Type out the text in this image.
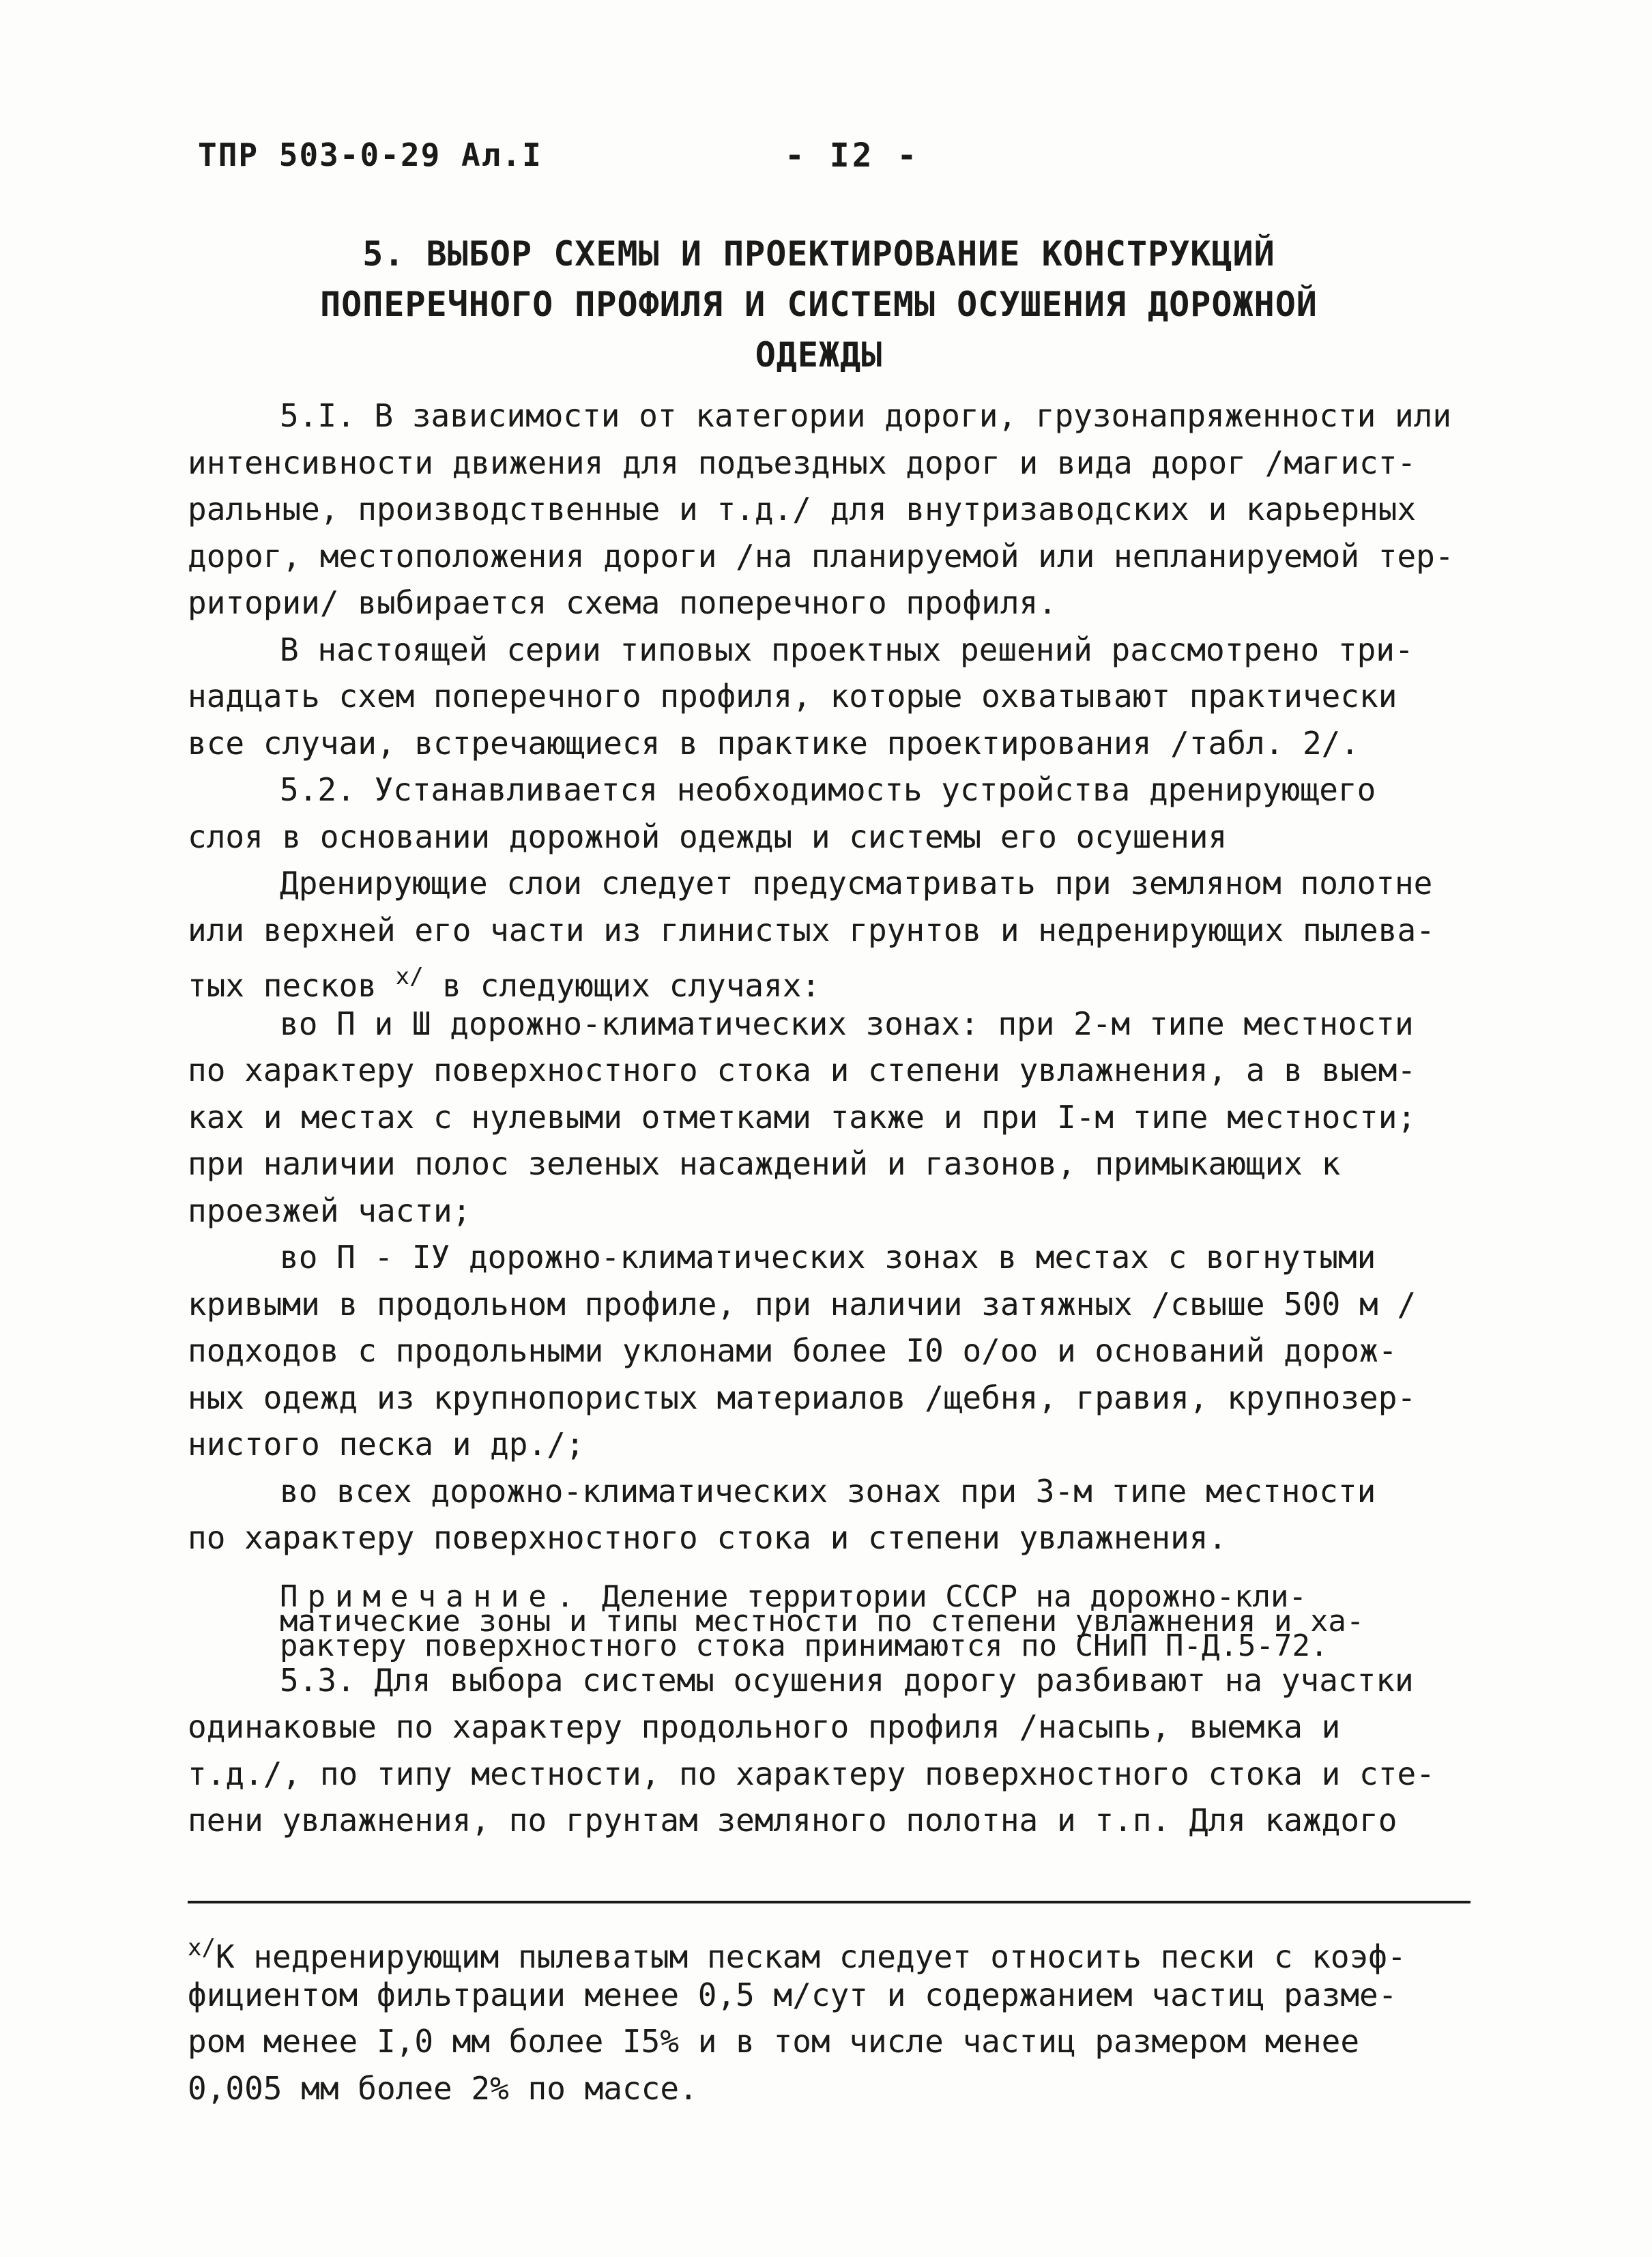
ТПР 503-0-29 Ал.I	- I2 -
5. ВЫБОР СХЕМЫ И ПРОЕКТИРОВАНИЕ КОНСТРУКЦИЙ
ПОПЕРЕЧНОГО ПРОФИЛЯ И СИСТЕМЫ ОСУШЕНИЯ ДОРОЖНОЙ
ОДЕЖДЫ
5.I. В зависимости от категории дороги, грузонапряженности или
интенсивности движения для подъездных дорог и вида дорог /магист-
ральные, производственные и т.д./ для внутризаводских и карьерных
дорог, местоположения дороги /на планируемой или непланируемой тер-
ритории/ выбирается схема поперечного профиля.
В настоящей серии типовых проектных решений рассмотрено три-
надцать схем поперечного профиля, которые охватывают практически
все случаи, встречающиеся в практике проектирования /табл. 2/.
5.2. Устанавливается необходимость устройства дренирующего
слоя в основании дорожной одежды и системы его осушения
Дренирующие слои следует предусматривать при земляном полотне
или верхней его части из глинистых грунтов и недренирующих пылева-
тых песков $^{х/}$ в следующих случаях:
во П и Ш дорожно-климатических зонах: при 2-м типе местности
по характеру поверхностного стока и степени увлажнения, а в выем-
ках и местах с нулевыми отметками также и при I-м типе местности;
при наличии полос зеленых насаждений и газонов, примыкающих к
проезжей части;
во П - IУ дорожно-климатических зонах в местах с вогнутыми
кривыми в продольном профиле, при наличии затяжных /свыше 500 м /
подходов с продольными уклонами более I0 о/оо и оснований дорож-
ных одежд из крупнопористых материалов /щебня, гравия, крупнозер-
нистого песка и др./;
во всех дорожно-климатических зонах при 3-м типе местности
по характеру поверхностного стока и степени увлажнения.
Примечание. Деление территории СССР на дорожно-кли-
матические зоны и типы местности по степени увлажнения и ха-
рактеру поверхностного стока принимаются по СНиП П-Д.5-72.
5.3. Для выбора системы осушения дорогу разбивают на участки
одинаковые по характеру продольного профиля /насыпь, выемка и
т.д./, по типу местности, по характеру поверхностного стока и сте-
пени увлажнения, по грунтам земляного полотна и т.п. Для каждого
$^{х/}$К недренирующим пылеватым пескам следует относить пески с коэф-
фициентом фильтрации менее 0,5 м/сут и содержанием частиц разме-
ром менее I,0 мм более I5% и в том числе частиц размером менее
0,005 мм более 2% по массе.
